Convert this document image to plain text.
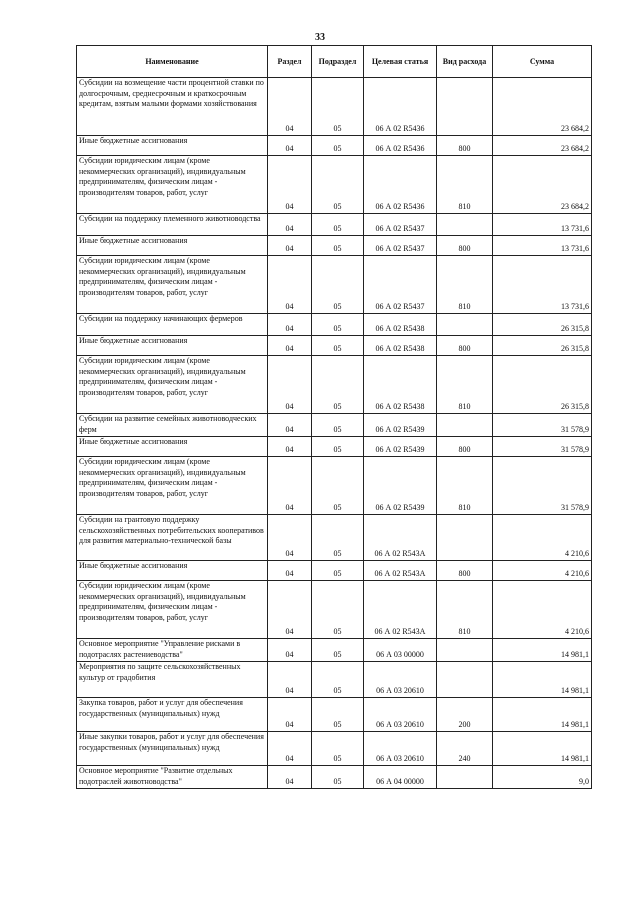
33
Наименование	Раздел	Подраздел	Целевая статья	Вид расхода	Сумма
Субсидии на возмещение части процентной ставки по долгосрочным, среднесрочным и краткосрочным кредитам, взятым малыми формами хозяйствования	04	05	06 А 02 R5436		23 684,2
Иные бюджетные ассигнования	04	05	06 А 02 R5436	800	23 684,2
Субсидии юридическим лицам (кроме некоммерческих организаций), индивидуальным предпринимателям, физическим лицам - производителям товаров, работ, услуг	04	05	06 А 02 R5436	810	23 684,2
Субсидии на поддержку племенного животноводства	04	05	06 А 02 R5437		13 731,6
Иные бюджетные ассигнования	04	05	06 А 02 R5437	800	13 731,6
Субсидии юридическим лицам (кроме некоммерческих организаций), индивидуальным предпринимателям, физическим лицам - производителям товаров, работ, услуг	04	05	06 А 02 R5437	810	13 731,6
Субсидии на поддержку начинающих фермеров	04	05	06 А 02 R5438		26 315,8
Иные бюджетные ассигнования	04	05	06 А 02 R5438	800	26 315,8
Субсидии юридическим лицам (кроме некоммерческих организаций), индивидуальным предпринимателям, физическим лицам - производителям товаров, работ, услуг	04	05	06 А 02 R5438	810	26 315,8
Субсидии на развитие семейных животноводческих ферм	04	05	06 А 02 R5439		31 578,9
Иные бюджетные ассигнования	04	05	06 А 02 R5439	800	31 578,9
Субсидии юридическим лицам (кроме некоммерческих организаций), индивидуальным предпринимателям, физическим лицам - производителям товаров, работ, услуг	04	05	06 А 02 R5439	810	31 578,9
Субсидии на грантовую поддержку сельскохозяйственных потребительских кооперативов для развития материально-технической базы	04	05	06 А 02 R543А		4 210,6
Иные бюджетные ассигнования	04	05	06 А 02 R543А	800	4 210,6
Субсидии юридическим лицам (кроме некоммерческих организаций), индивидуальным предпринимателям, физическим лицам - производителям товаров, работ, услуг	04	05	06 А 02 R543А	810	4 210,6
Основное мероприятие "Управление рисками в подотраслях растениеводства"	04	05	06 А 03 00000		14 981,1
Мероприятия по защите сельскохозяйственных культур от градобития	04	05	06 А 03 20610		14 981,1
Закупка товаров, работ и услуг для обеспечения государственных (муниципальных) нужд	04	05	06 А 03 20610	200	14 981,1
Иные закупки товаров, работ и услуг для обеспечения государственных (муниципальных) нужд	04	05	06 А 03 20610	240	14 981,1
Основное мероприятие "Развитие отдельных подотраслей животноводства"	04	05	06 А 04 00000		9,0
